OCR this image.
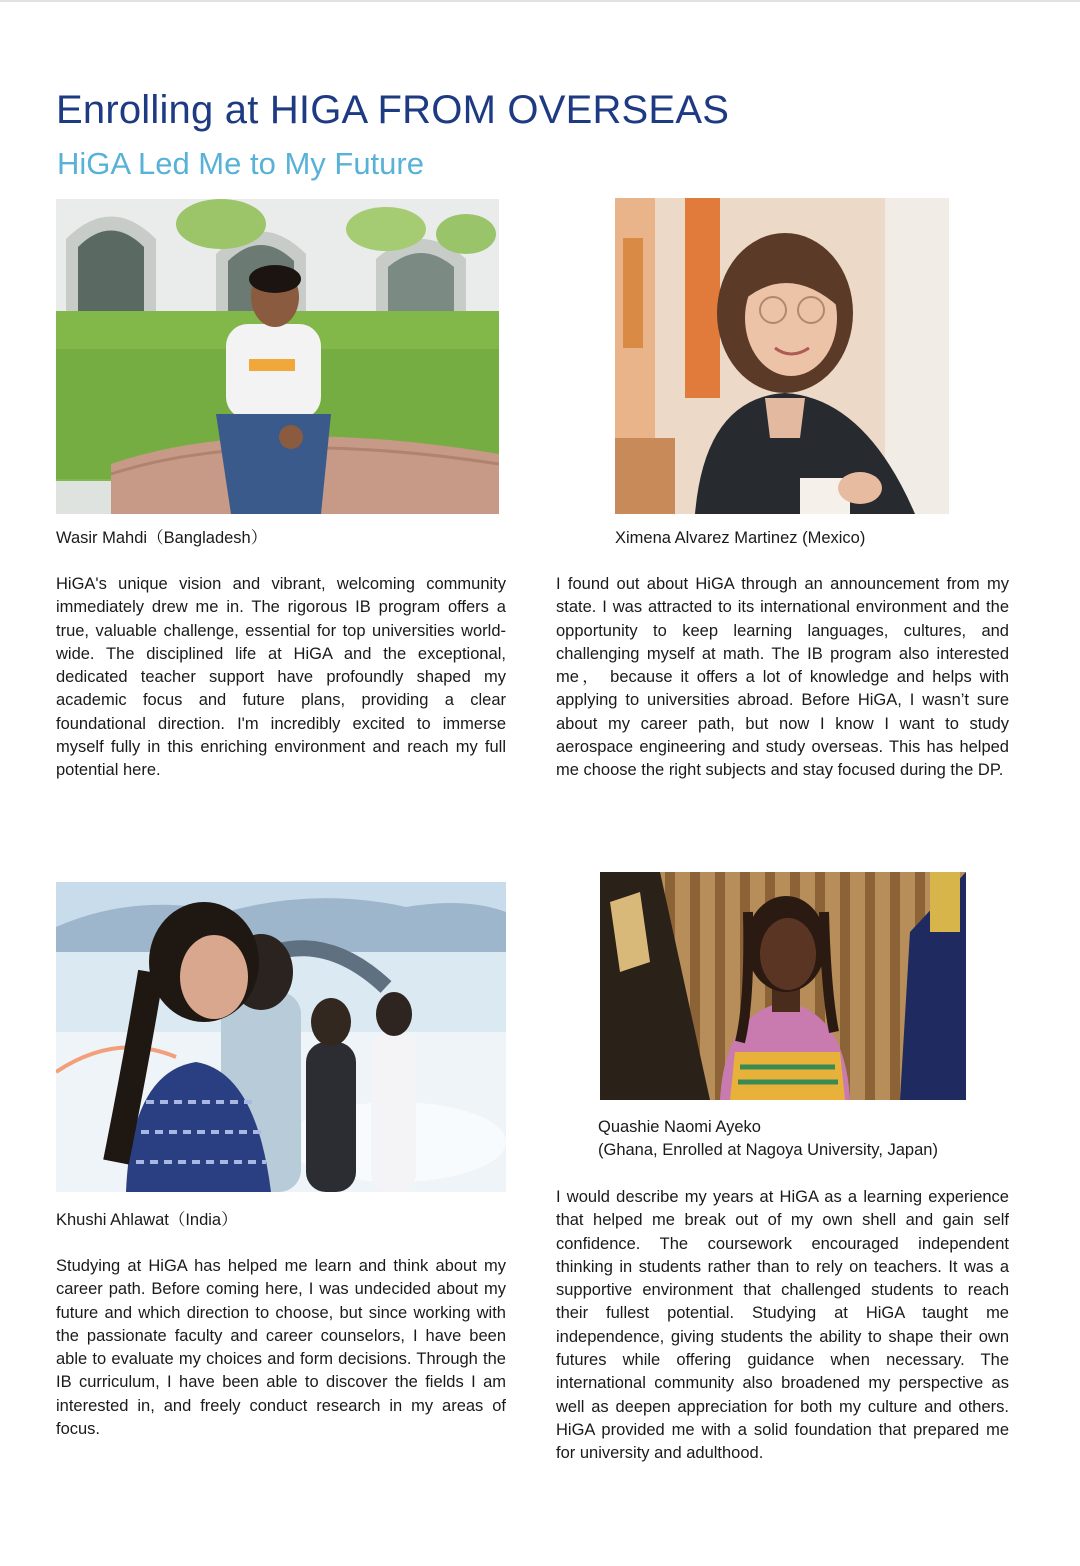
Enrolling at HIGA FROM OVERSEAS
HiGA Led Me to My Future

Wasir Mahdi（Bangladesh）	Ximena Alvarez Martinez (Mexico)

HiGA's unique vision and vibrant, welcoming community immediately drew me in. The rigorous IB program offers a true, valuable challenge, essential for top universities world-wide. The disciplined life at HiGA and the exceptional, dedicated teacher support have profoundly shaped my academic focus and future plans, providing a clear foundational direction. I'm incredibly excited to immerse myself fully in this enriching environment and reach my full potential here.

I found out about HiGA through an announcement from my state. I was attracted to its international environment and the opportunity to keep learning languages, cultures, and challenging myself at math. The IB program also interested me， because it offers a lot of knowledge and helps with applying to universities abroad. Before HiGA, I wasn’t sure about my career path, but now I know I want to study aerospace engineering and study overseas. This has helped me choose the right subjects and stay focused during the DP.

Khushi Ahlawat（India）

Quashie Naomi Ayeko

(Ghana, Enrolled at Nagoya University, Japan)

Studying at HiGA has helped me learn and think about my career path. Before coming here, I was undecided about my future and which direction to choose, but since working with the passionate faculty and career counselors, I have been able to evaluate my choices and form decisions. Through the IB curriculum, I have been able to discover the fields I am interested in, and freely conduct research in my areas of focus.

I would describe my years at HiGA as a learning experience that helped me break out of my own shell and gain self confidence. The coursework encouraged independent thinking in students rather than to rely on teachers. It was a supportive environment that challenged students to reach their fullest potential. Studying at HiGA taught me independence, giving students the ability to shape their own futures while offering guidance when necessary. The international community also broadened my perspective as well as deepen appreciation for both my culture and others. HiGA provided me with a solid foundation that prepared me for university and adulthood.
